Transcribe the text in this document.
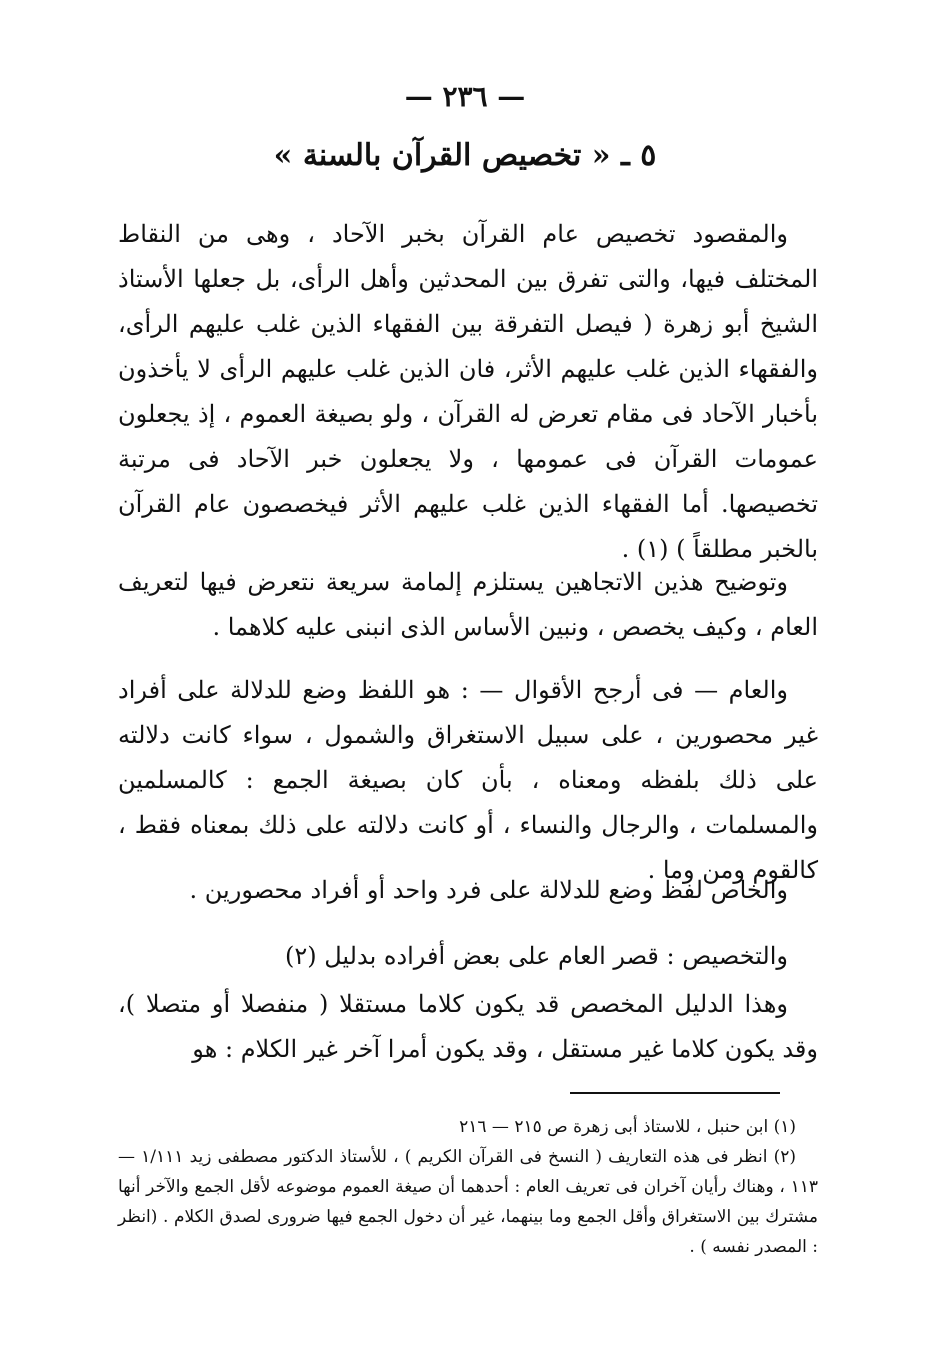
— ٢٣٦ —
٥ ـ « تخصيص القرآن بالسنة »

والمقصود تخصيص عام القرآن بخبر الآحاد ، وهى من النقاط المختلف فيها، والتى تفرق بين المحدثين وأهل الرأى، بل جعلها الأستاذ الشيخ أبو زهرة ( فيصل التفرقة بين الفقهاء الذين غلب عليهم الرأى، والفقهاء الذين غلب عليهم الأثر، فان الذين غلب عليهم الرأى لا يأخذون بأخبار الآحاد فى مقام تعرض له القرآن ، ولو بصيغة العموم ، إذ يجعلون عمومات القرآن فى عمومها ، ولا يجعلون خبر الآحاد فى مرتبة تخصيصها. أما الفقهاء الذين غلب عليهم الأثر فيخصصون عام القرآن بالخبر مطلقاً ) (١) .

وتوضيح هذين الاتجاهين يستلزم إلمامة سريعة نتعرض فيها لتعريف العام ، وكيف يخصص ، ونبين الأساس الذى انبنى عليه كلاهما .

والعام — فى أرجح الأقوال — : هو اللفظ وضع للدلالة على أفراد غير محصورين ، على سبيل الاستغراق والشمول ، سواء كانت دلالته على ذلك بلفظه ومعناه ، بأن كان بصيغة الجمع : كالمسلمين والمسلمات ، والرجال والنساء ، أو كانت دلالته على ذلك بمعناه فقط ، كالقوم ومن وما .

والخاص لفظ وضع للدلالة على فرد واحد أو أفراد محصورين .

والتخصيص : قصر العام على بعض أفراده بدليل (٢)

وهذا الدليل المخصص قد يكون كلاما مستقلا ( منفصلا أو متصلا )، وقد يكون كلاما غير مستقل ، وقد يكون أمرا آخر غير الكلام : هو

(١) ابن حنبل ، للاستاذ أبى زهرة ص ٢١٥ — ٢١٦

(٢) انظر فى هذه التعاريف ( النسخ فى القرآن الكريم ) ، للأستاذ الدكتور مصطفى زيد ١/١١١ — ١١٣ ، وهناك رأيان آخران فى تعريف العام : أحدهما أن صيغة العموم موضوعه لأقل الجمع والآخر أنها مشترك بين الاستغراق وأقل الجمع وما بينهما، غير أن دخول الجمع فيها ضرورى لصدق الكلام . (انظر : المصدر نفسه ) .
